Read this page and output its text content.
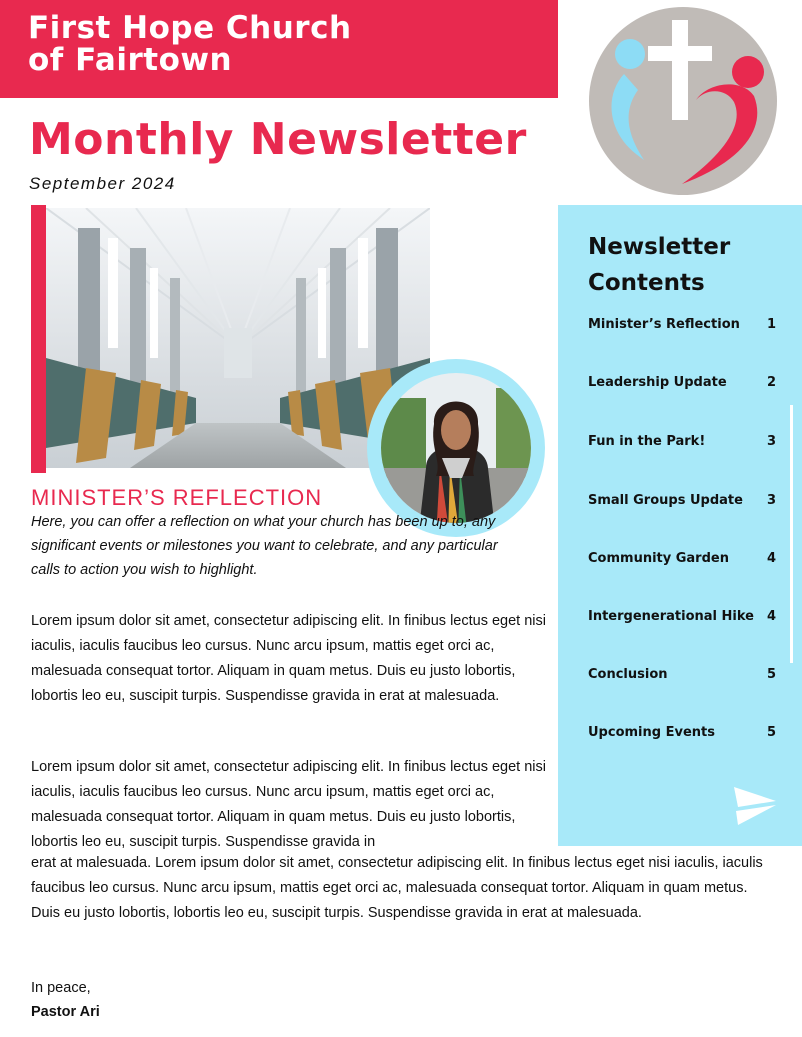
First Hope Church
of Fairtown
Monthly Newsletter
September 2024
MINISTER’S REFLECTION
Here, you can offer a reflection on what your church has been up to, any significant events or milestones you want to celebrate, and any particular calls to action you wish to highlight.
Lorem ipsum dolor sit amet, consectetur adipiscing elit. In finibus lectus eget nisi iaculis, iaculis faucibus leo cursus. Nunc arcu ipsum, mattis eget orci ac, malesuada consequat tortor. Aliquam in quam metus. Duis eu justo lobortis, lobortis leo eu, suscipit turpis. Suspendisse gravida in erat at malesuada.
Lorem ipsum dolor sit amet, consectetur adipiscing elit. In finibus lectus eget nisi iaculis, iaculis faucibus leo cursus. Nunc arcu ipsum, mattis eget orci ac, malesuada consequat tortor. Aliquam in quam metus. Duis eu justo lobortis, lobortis leo eu, suscipit turpis. Suspendisse gravida in
erat at malesuada. Lorem ipsum dolor sit amet, consectetur adipiscing elit. In finibus lectus eget nisi iaculis, iaculis faucibus leo cursus. Nunc arcu ipsum, mattis eget orci ac, malesuada consequat tortor. Aliquam in quam metus. Duis eu justo lobortis, lobortis leo eu, suscipit turpis. Suspendisse gravida in erat at malesuada.
In peace,
Pastor Ari
Newsletter
Contents
Minister’s Reflection 1
Leadership Update	2
Fun in the Park!	3
Small Groups Update 3
Community Garden	4
Intergenerational Hike 4
Conclusion	5
Upcoming Events	5
